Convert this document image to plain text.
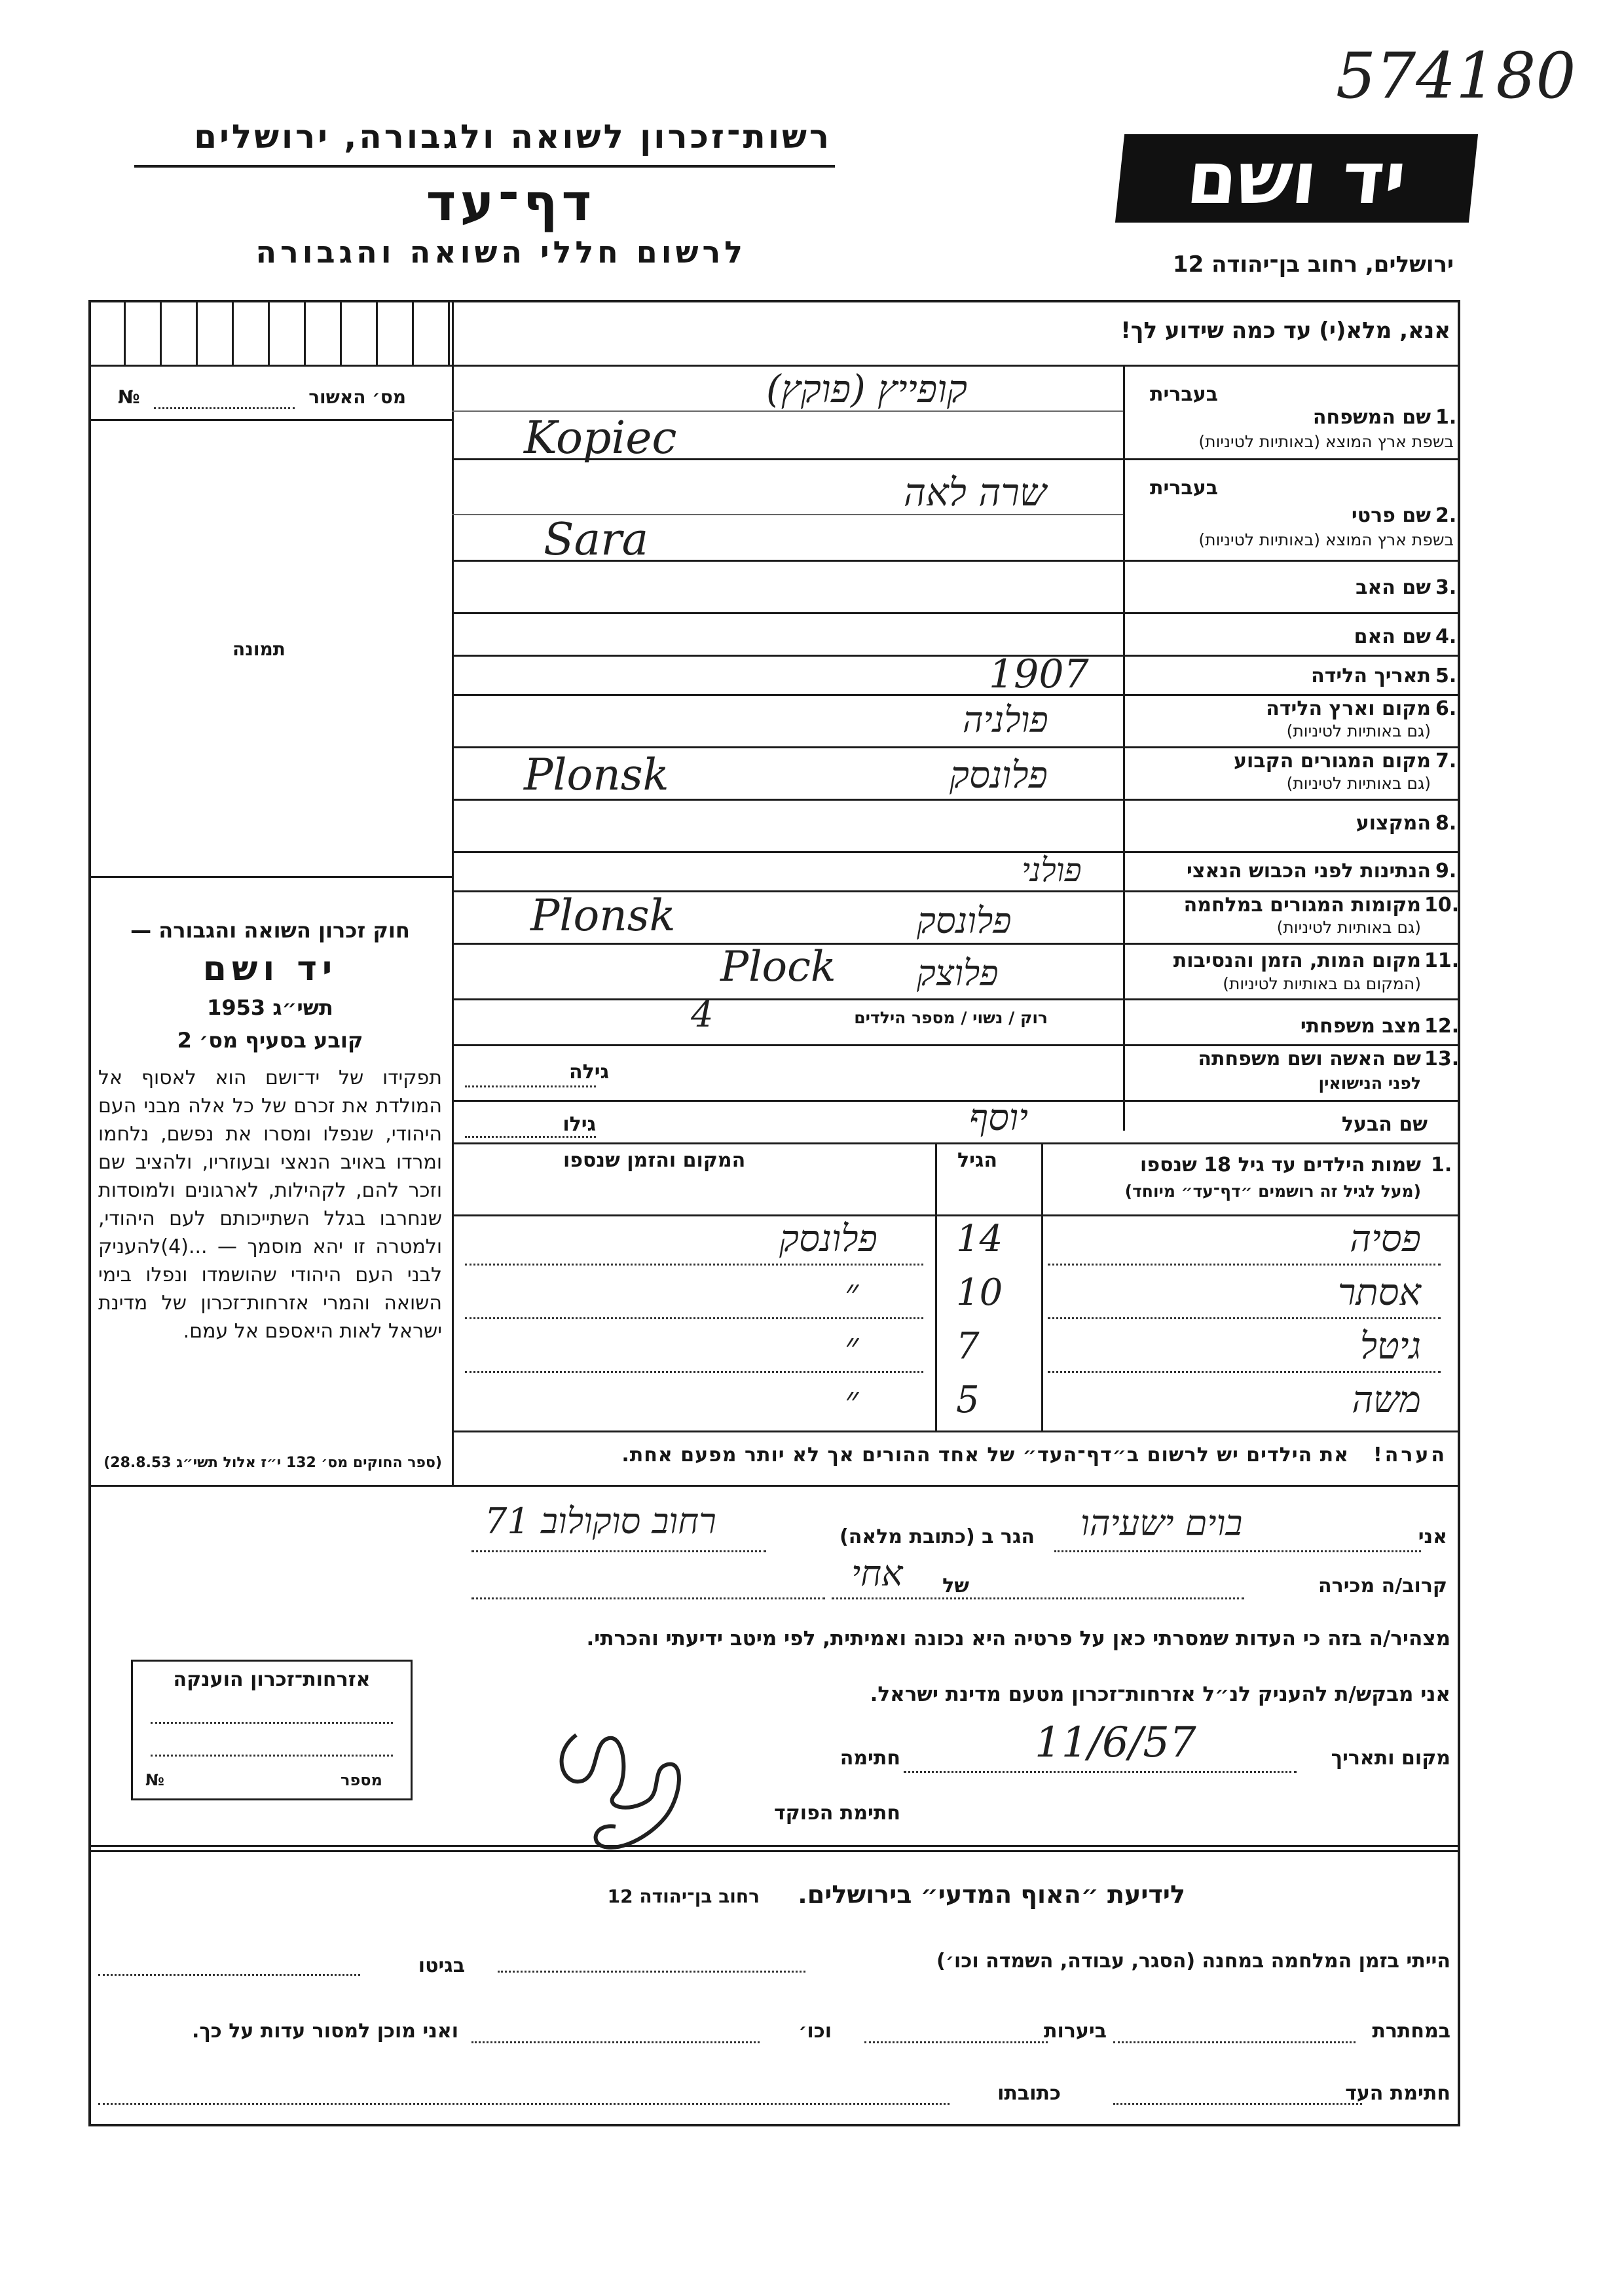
574180
רשות־זכרון לשואה ולגבורה, ירושלים
דף־עד
לרשום חללי השואה והגבורה
יד ושם
ירושלים, רחוב בן־יהודה 12
מס׳ האשור
№
תמונה
חוק זכרון השואה והגבורה —
יד ושם
תשי״ג 1953
קובע בסעיף מס׳ 2
תפקידו של יד־ושם הוא לאסוף אל המולדת את זכרם של כל אלה מבני העם היהודי, שנפלו ומסרו את נפשם, נלחמו ומרדו באויב הנאצי ובעוזריו, ולהציב שם וזכר להם, לקהילות, לארגונים ולמוסדות שנחרבו בגלל השתייכותם לעם היהודי, ולמטרה זו יהא מוסמך — ...(4)להעניק לבני העם היהודי שהושמדו ונפלו בימי השואה והמרי אזרחות־זכרון של מדינת ישראל לאות היאספם אל עמם.
(ספר החוקים מס׳ 132 י״ז אלול תשי״ג 28.8.53)
אזרחות־זכרון הוענקה
מספר
№
אנא, מלא(י) עד כמה שידוע לך!
1.
בעברית
שם המשפחה
בשפת ארץ המוצא (באותיות לטיניות)
קופייץ (פוקץ)
Kopiec
2.
בעברית
שם פרטי
בשפת ארץ המוצא (באותיות לטיניות)
שרה לאה
Sara
3.
שם האב
4.
שם האם
5.
תאריך הלידה
1907
6.
מקום וארץ הלידה
(גם באותיות לטיניות)
פולניה
7.
מקום המגורים הקבוע
(גם באותיות לטיניות)
Plonsk	פלונסק
8.
המקצוע
9.
הנתינות לפני הכבוש הנאצי
פולני
10.
מקומות המגורים במלחמה
(גם באותיות לטיניות)
Plonsk	פלונסק
11.
מקום המות, הזמן והנסיבות
(המקום גם באותיות לטיניות)
Plock פלוצק
12.
מצב משפחתי
רוק / נשוי / מספר הילדים
4
13.
שם האשה ושם משפחתה
לפני הנישואין
גילה
שם הבעל
יוסף
גילו
1.
שמות הילדים עד גיל 18 שנספו
(מעל לגיל זה רושמים ״דף־עד״ מיוחד)
הגיל
המקום והזמן שנספו
פסיה
14
פלונסק
אסתר
10
״
גיטל
7
״
משה
5
״
הערה!
את הילדים יש לרשום ב״דף־העד״ של אחד ההורים אך לא יותר מפעם אחת.
אני
בוים ישעיהו
הגר ב (כתובת מלאה)
רחוב סוקולוב 71
קרוב/ה מכירה
אחי של
מצהיר/ה בזה כי העדות שמסרתי כאן על פרטיה היא נכונה ואמיתית, לפי מיטב ידיעתי והכרתי.
אני מבקש/ת להעניק לנ״ל אזרחות־זכרון מטעם מדינת ישראל.
מקום ותאריך
11/6/57
חתימה
חתימת הפוקד
לידיעת ״האוף המדעי״ בירושלים.
רחוב בן־יהודה 12
הייתי בזמן המלחמה במחנה (הסגר, עבודה, השמדה וכו׳)
בגיטו
במחתרת
ביערות
וכו׳
ואני מוכן למסור עדות על כך.
חתימת העד
כתובתו
